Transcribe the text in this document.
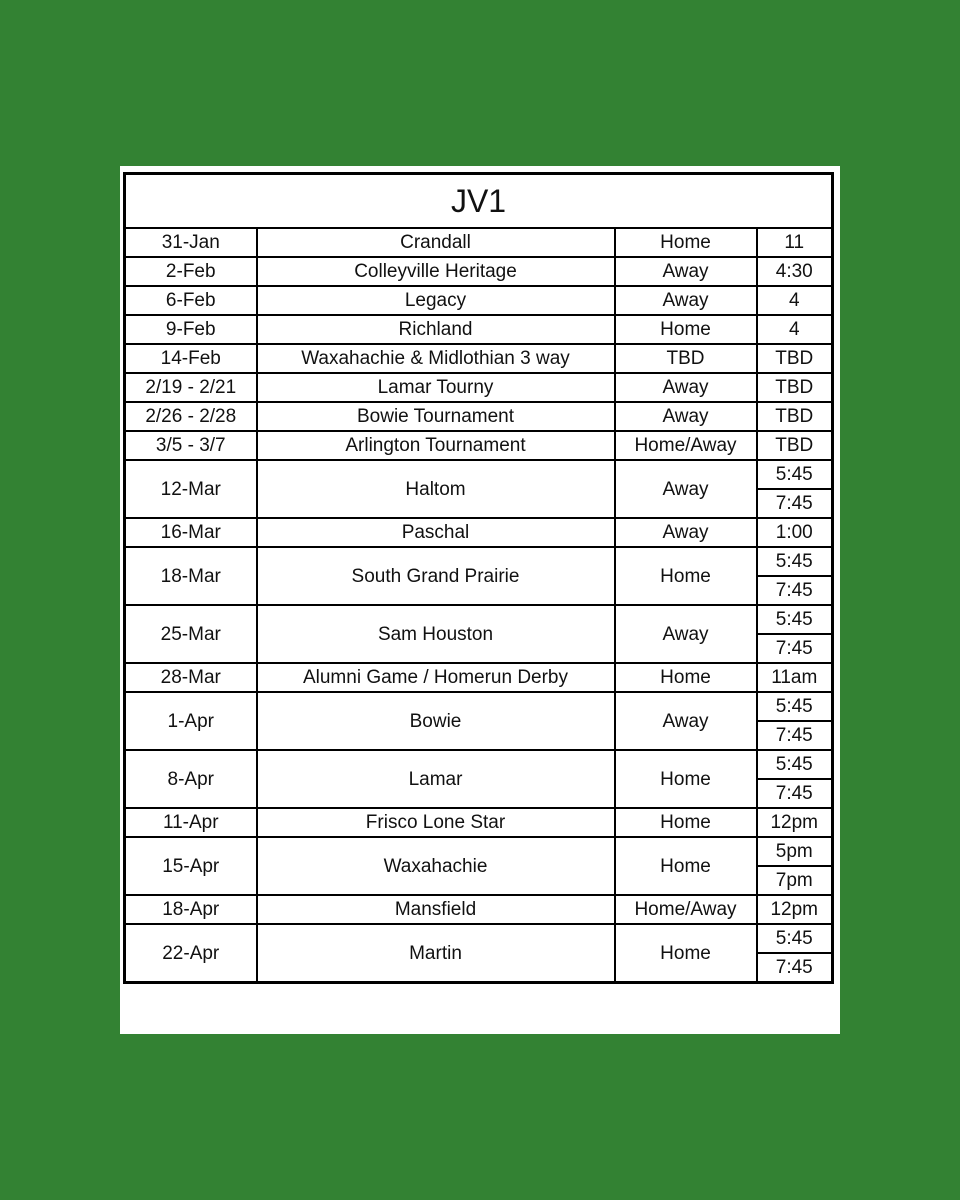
JV1			
31-Jan	Crandall	Home	11
2-Feb	Colleyville Heritage	Away	4:30
6-Feb	Legacy	Away	4
9-Feb	Richland	Home	4
14-Feb	Waxahachie & Midlothian 3 way	TBD	TBD
2/19 - 2/21	Lamar Tourny	Away	TBD
2/26 - 2/28	Bowie Tournament	Away	TBD
3/5 - 3/7	Arlington Tournament	Home/Away	TBD
12-Mar	Haltom	Away	5:45
			7:45
16-Mar	Paschal	Away	1:00
18-Mar	South Grand Prairie	Home	5:45
			7:45
25-Mar	Sam Houston	Away	5:45
			7:45
28-Mar	Alumni Game / Homerun Derby	Home	11am
1-Apr	Bowie	Away	5:45
			7:45
8-Apr	Lamar	Home	5:45
			7:45
11-Apr	Frisco Lone Star	Home	12pm
15-Apr	Waxahachie	Home	5pm
			7pm
18-Apr	Mansfield	Home/Away	12pm
22-Apr	Martin	Home	5:45
			7:45
